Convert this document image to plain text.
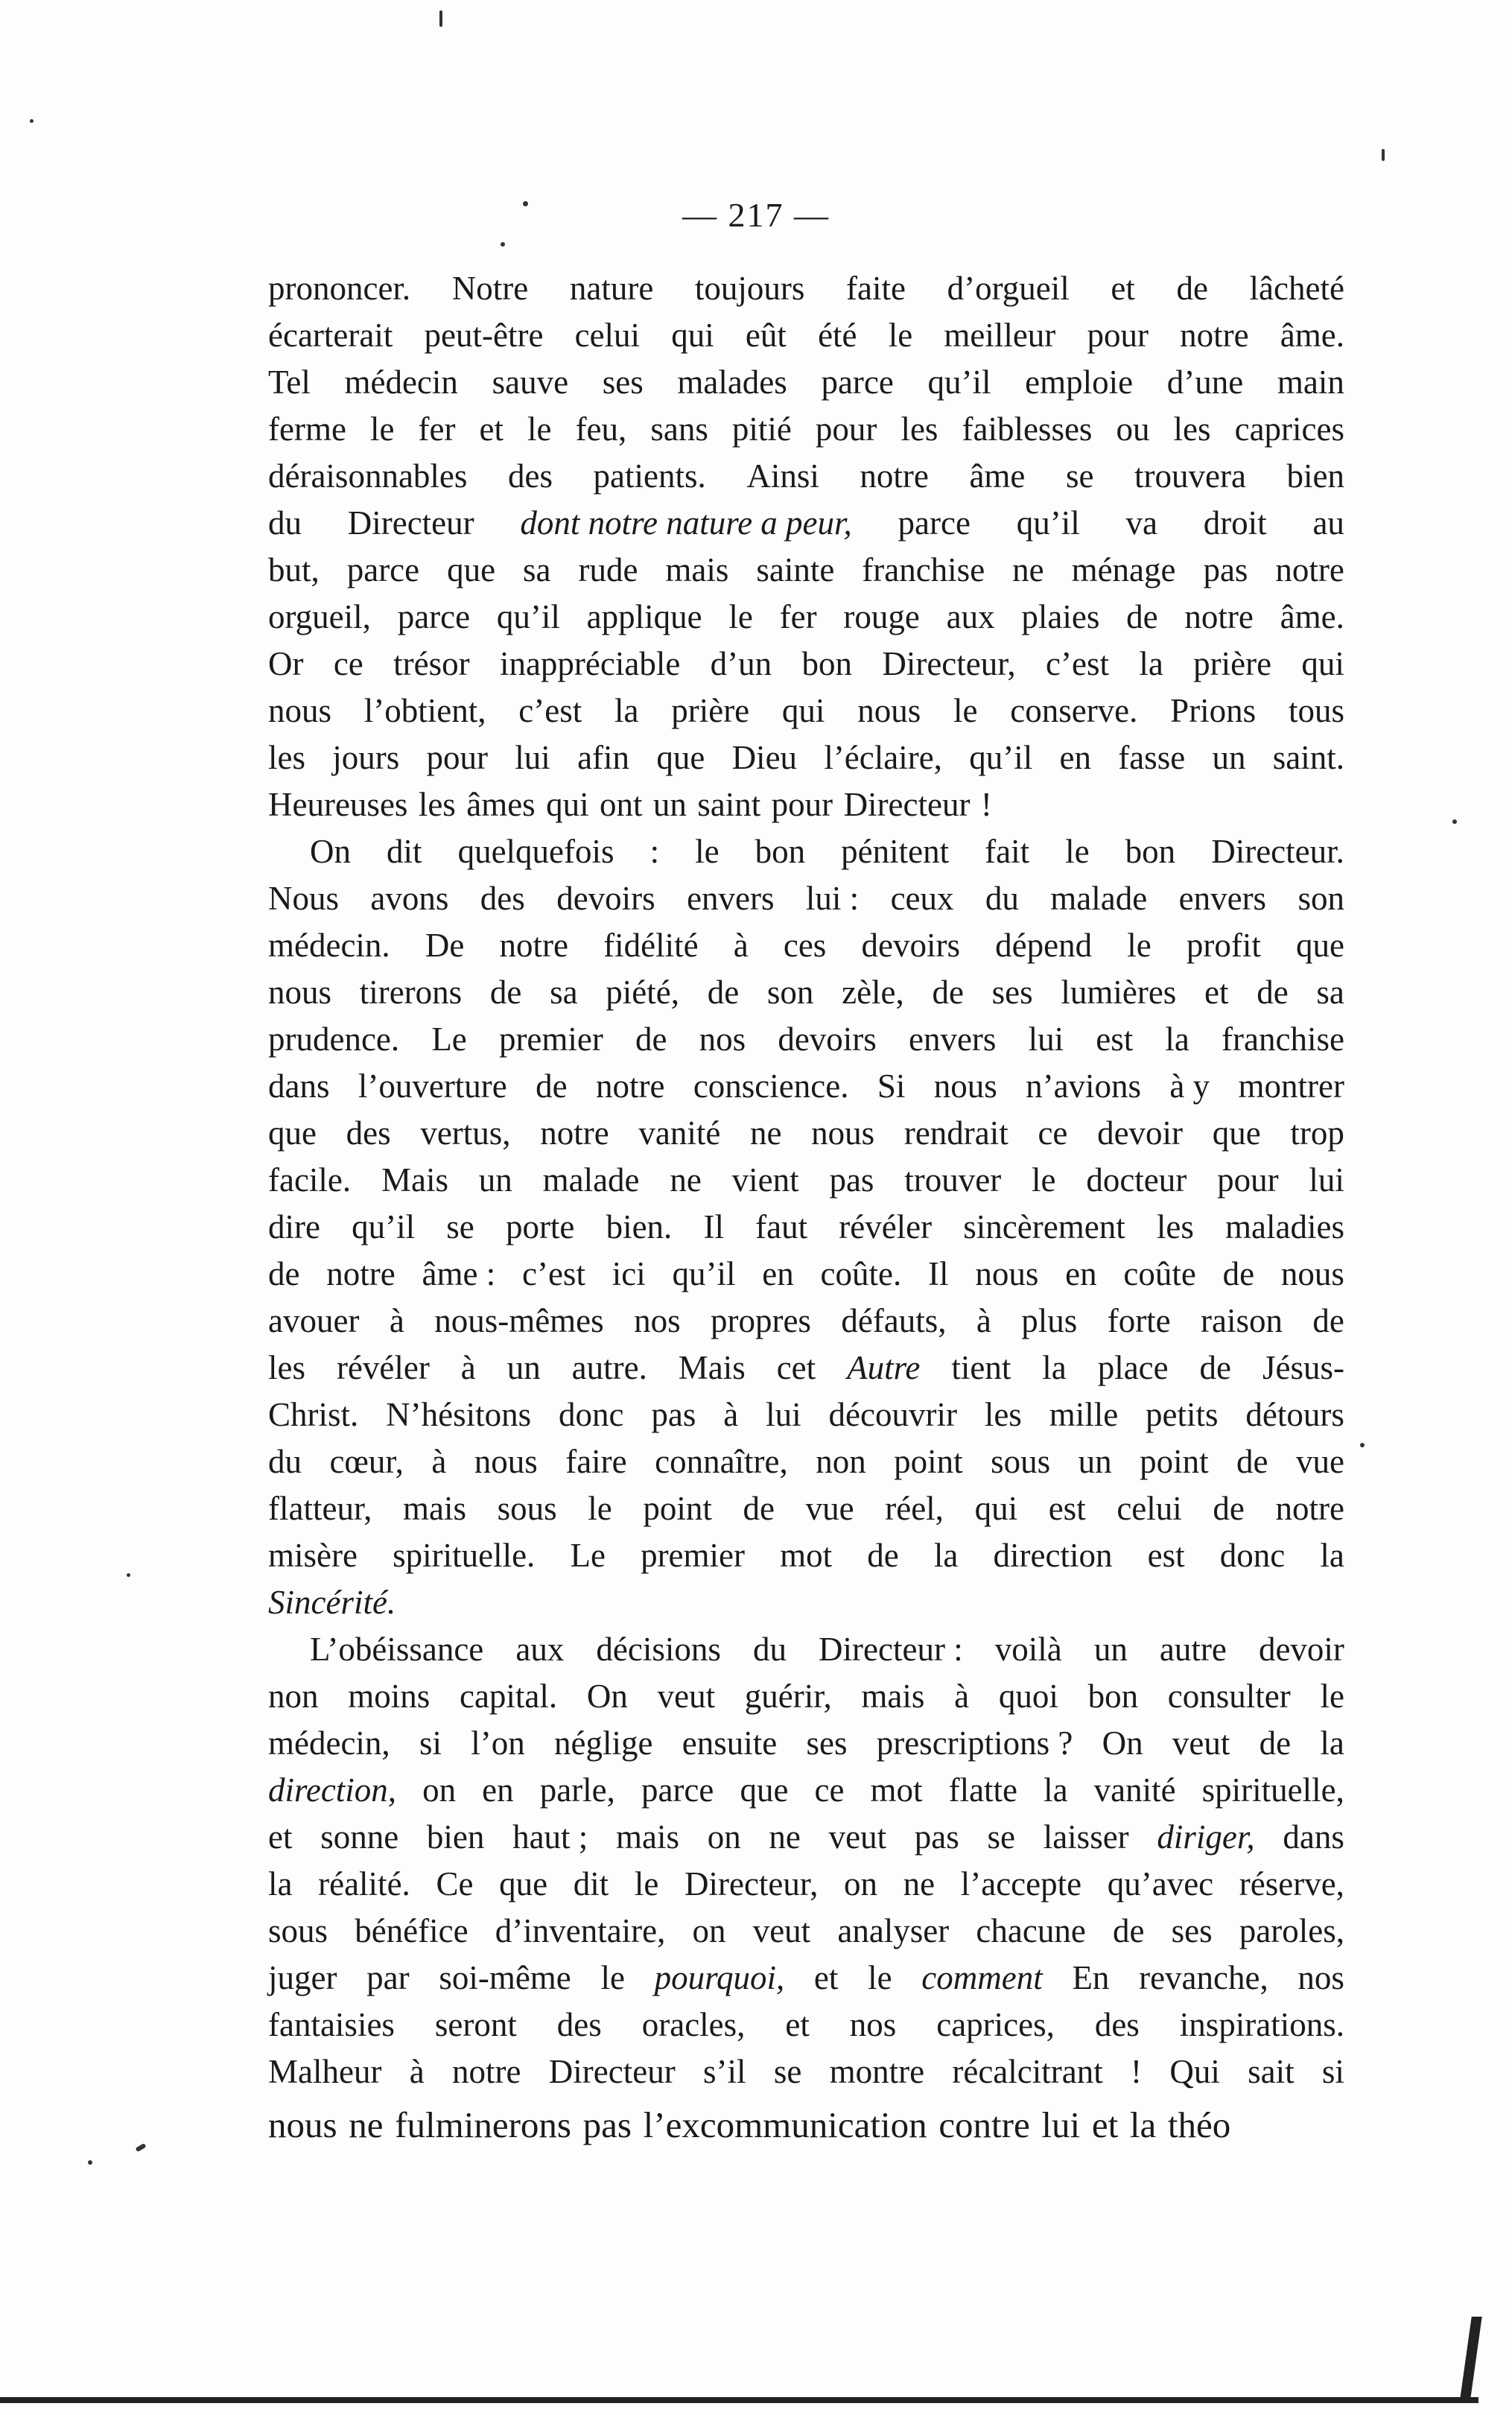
— 217 —
prononcer. Notre nature toujours faite d’orgueil et de lâcheté
écarterait peut-être celui qui eût été le meilleur pour notre âme.
Tel médecin sauve ses malades parce qu’il emploie d’une main
ferme le fer et le feu, sans pitié pour les faiblesses ou les caprices
déraisonnables des patients. Ainsi notre âme se trouvera bien
du Directeur dont notre nature a peur, parce qu’il va droit au
but, parce que sa rude mais sainte franchise ne ménage pas notre
orgueil, parce qu’il applique le fer rouge aux plaies de notre âme.
Or ce trésor inappréciable d’un bon Directeur, c’est la prière qui
nous l’obtient, c’est la prière qui nous le conserve. Prions tous
les jours pour lui afin que Dieu l’éclaire, qu’il en fasse un saint.
Heureuses les âmes qui ont un saint pour Directeur !
On dit quelquefois : le bon pénitent fait le bon Directeur.
Nous avons des devoirs envers lui : ceux du malade envers son
médecin. De notre fidélité à ces devoirs dépend le profit que
nous tirerons de sa piété, de son zèle, de ses lumières et de sa
prudence. Le premier de nos devoirs envers lui est la franchise
dans l’ouverture de notre conscience. Si nous n’avions à y montrer
que des vertus, notre vanité ne nous rendrait ce devoir que trop
facile. Mais un malade ne vient pas trouver le docteur pour lui
dire qu’il se porte bien. Il faut révéler sincèrement les maladies
de notre âme : c’est ici qu’il en coûte. Il nous en coûte de nous
avouer à nous-mêmes nos propres défauts, à plus forte raison de
les révéler à un autre. Mais cet Autre tient la place de Jésus-
Christ. N’hésitons donc pas à lui découvrir les mille petits détours
du cœur, à nous faire connaître, non point sous un point de vue
flatteur, mais sous le point de vue réel, qui est celui de notre
misère spirituelle. Le premier mot de la direction est donc la
Sincérité.
L’obéissance aux décisions du Directeur : voilà un autre devoir
non moins capital. On veut guérir, mais à quoi bon consulter le
médecin, si l’on néglige ensuite ses prescriptions ? On veut de la
direction, on en parle, parce que ce mot flatte la vanité spirituelle,
et sonne bien haut ; mais on ne veut pas se laisser diriger, dans
la réalité. Ce que dit le Directeur, on ne l’accepte qu’avec réserve,
sous bénéfice d’inventaire, on veut analyser chacune de ses paroles,
juger par soi-même le pourquoi, et le comment En revanche, nos
fantaisies seront des oracles, et nos caprices, des inspirations.
Malheur à notre Directeur s’il se montre récalcitrant ! Qui sait si
nous ne fulminerons pas l’excommunication contre lui et la théo
